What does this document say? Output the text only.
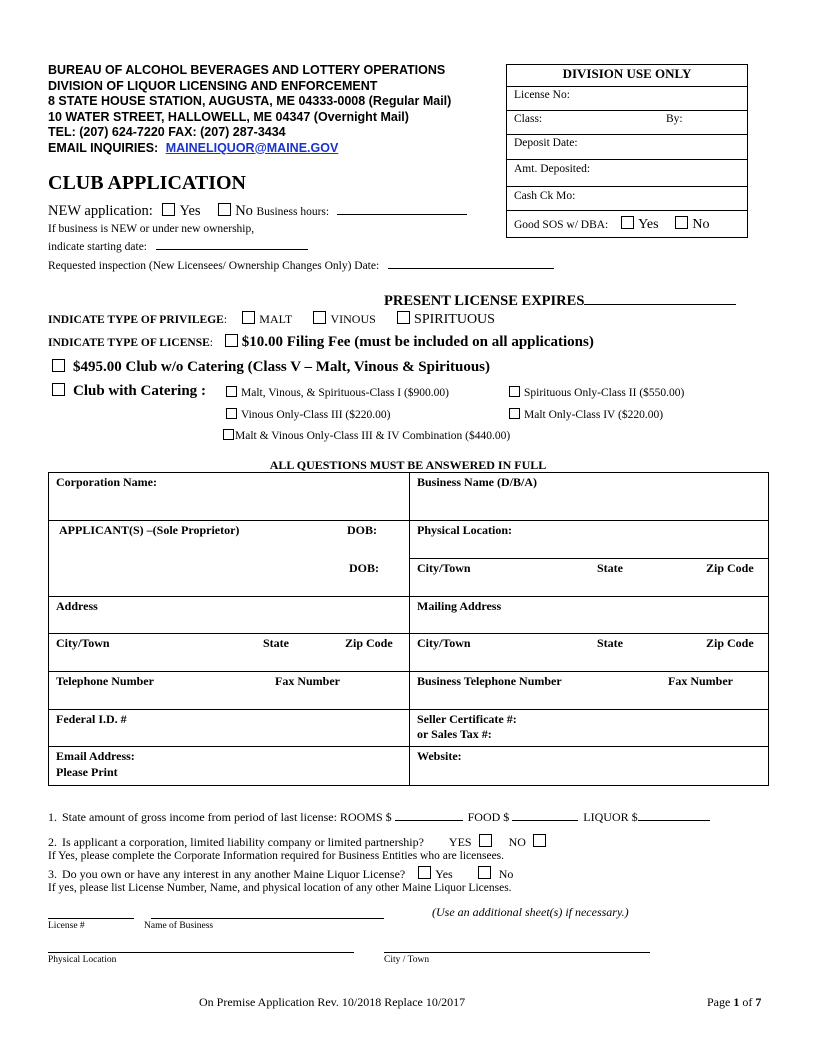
BUREAU OF ALCOHOL BEVERAGES AND LOTTERY OPERATIONS
DIVISION OF LIQUOR LICENSING AND ENFORCEMENT
8 STATE HOUSE STATION, AUGUSTA, ME 04333-0008 (Regular Mail)
10 WATER STREET, HALLOWELL, ME 04347 (Overnight Mail)
TEL: (207) 624-7220 FAX: (207) 287-3434
EMAIL INQUIRIES: MAINELIQUOR@MAINE.GOV
DIVISION USE ONLY
License No:
Class:	By:
Deposit Date:
Amt. Deposited:
Cash Ck Mo:
Good SOS w/ DBA: Yes No
CLUB APPLICATION
NEW application: Yes No Business hours:
If business is NEW or under new ownership,
indicate starting date:
Requested inspection (New Licensees/ Ownership Changes Only) Date:
PRESENT LICENSE EXPIRES
INDICATE TYPE OF PRIVILEGE:	MALT	VINOUS	SPIRITUOUS
INDICATE TYPE OF LICENSE: $10.00 Filing Fee (must be included on all applications)
$495.00 Club w/o Catering (Class V – Malt, Vinous & Spirituous)
Club with Catering :	Malt, Vinous, & Spirituous-Class I ($900.00)	Spirituous Only-Class II ($550.00)
Vinous Only-Class III ($220.00)	Malt Only-Class IV ($220.00)
Malt & Vinous Only-Class III & IV Combination ($440.00)
ALL QUESTIONS MUST BE ANSWERED IN FULL
Corporation Name:	Business Name (D/B/A)
APPLICANT(S) –(Sole Proprietor)	DOB:	Physical Location:
DOB:	City/Town	State	Zip Code
Address	Mailing Address
City/Town	State	Zip Code City/Town	State	Zip Code
Telephone Number	Fax Number	Business Telephone Number	Fax Number
Federal I.D. #	Seller Certificate #:
or Sales Tax #:
Email Address:
Please Print
Website:
1. State amount of gross income from period of last license: ROOMS $	FOOD $	LIQUOR $
2. Is applicant a corporation, limited liability company or limited partnership? YES	NO
If Yes, please complete the Corporate Information required for Business Entities who are licensees.
3. Do you own or have any interest in any another Maine Liquor License?	Yes	No
If yes, please list License Number, Name, and physical location of any other Maine Liquor Licenses.
(Use an additional sheet(s) if necessary.)
License #	Name of Business
Physical Location	City / Town
On Premise Application Rev. 10/2018 Replace 10/2017	Page 1 of 7
